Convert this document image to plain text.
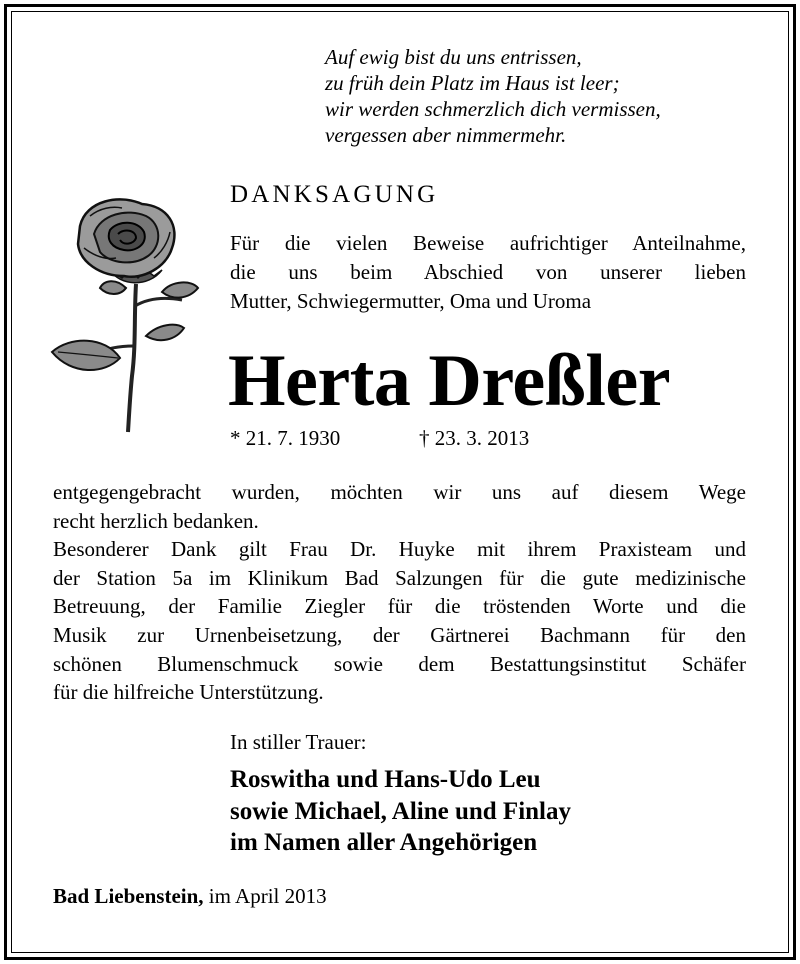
Auf ewig bist du uns entrissen,
zu früh dein Platz im Haus ist leer;
wir werden schmerzlich dich vermissen,
vergessen aber nimmermehr.
DANKSAGUNG
Für die vielen Beweise aufrichtiger Anteilnahme,
die uns beim Abschied von unserer lieben
Mutter, Schwiegermutter, Oma und Uroma
Herta Dreßler
* 21. 7. 1930	† 23. 3. 2013
entgegengebracht wurden, möchten wir uns auf diesem Wege
recht herzlich bedanken.
Besonderer Dank gilt Frau Dr. Huyke mit ihrem Praxisteam und
der Station 5a im Klinikum Bad Salzungen für die gute medizinische
Betreuung, der Familie Ziegler für die tröstenden Worte und die
Musik zur Urnenbeisetzung, der Gärtnerei Bachmann für den
schönen Blumenschmuck sowie dem Bestattungsinstitut Schäfer
für die hilfreiche Unterstützung.
In stiller Trauer:
Roswitha und Hans-Udo Leu
sowie Michael, Aline und Finlay
im Namen aller Angehörigen
Bad Liebenstein, im April 2013
